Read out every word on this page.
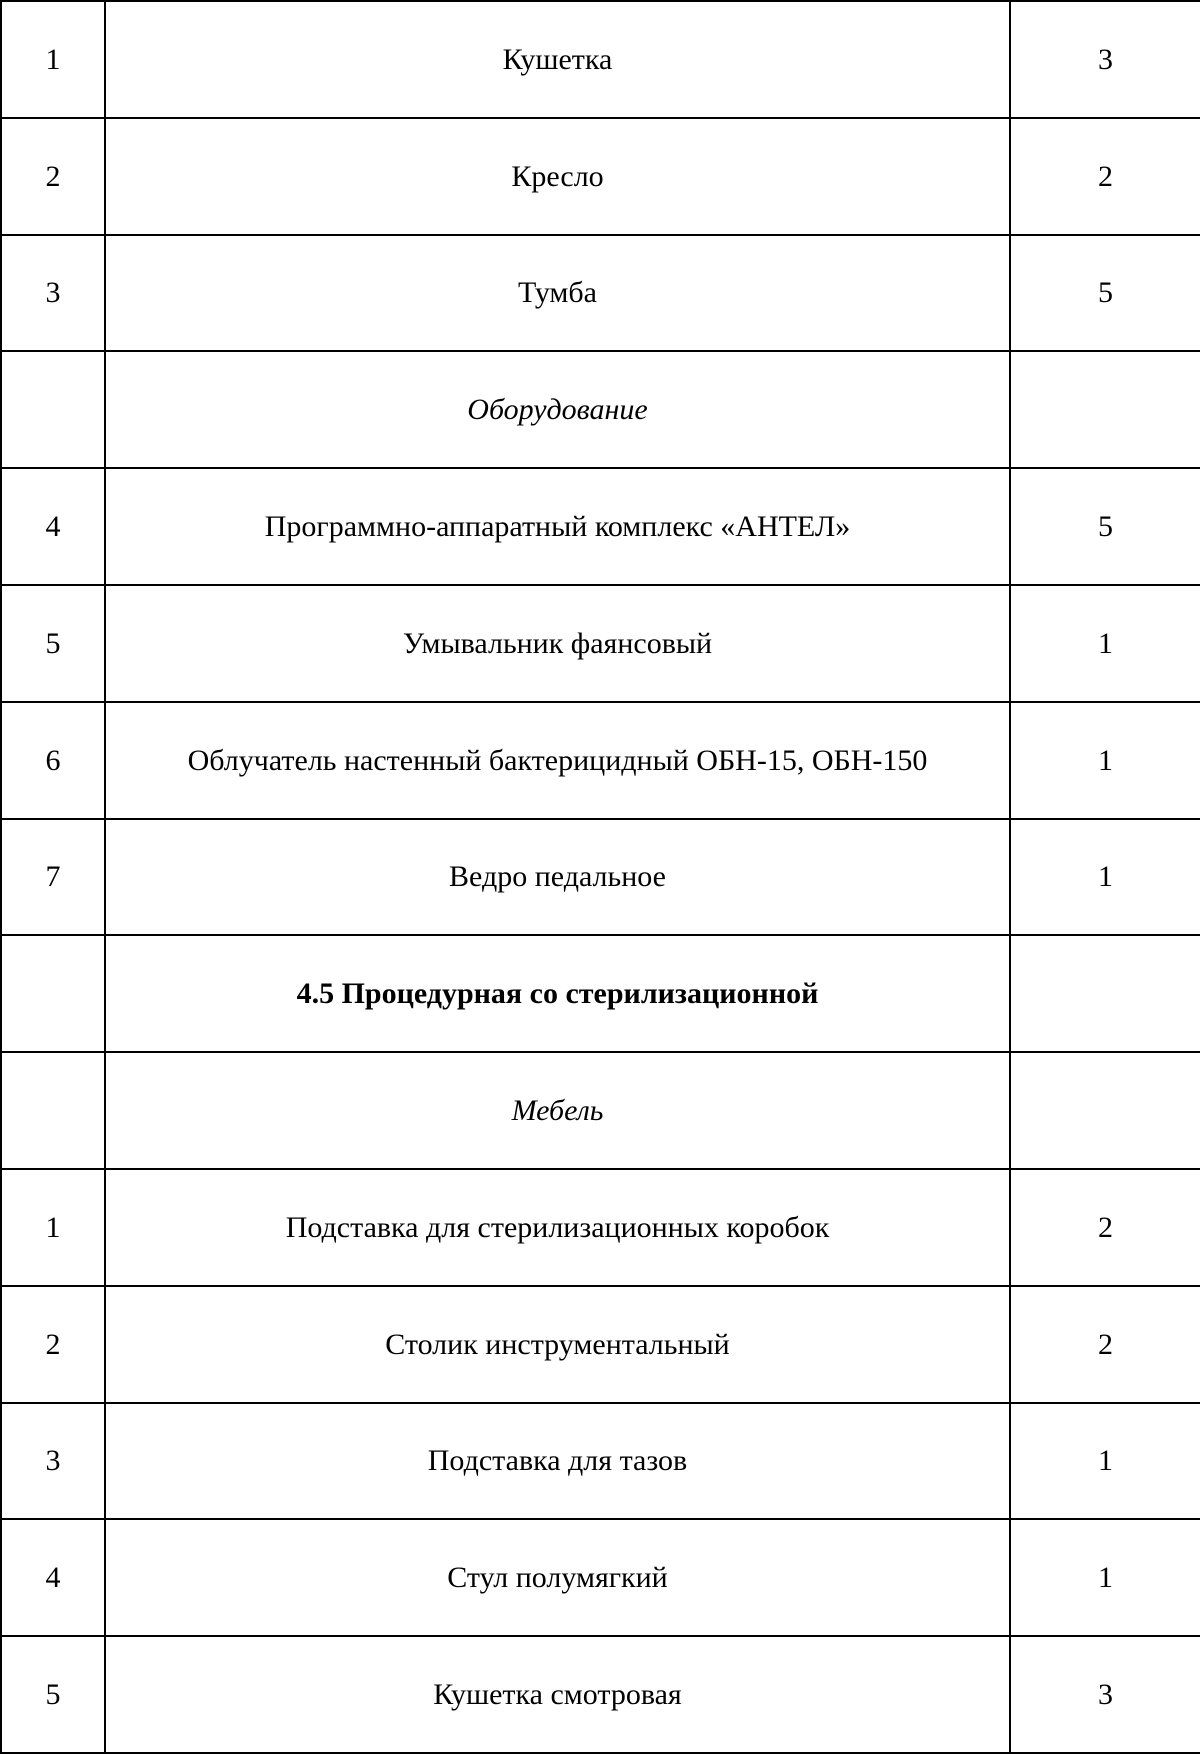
1	Кушетка	3
2	Кресло	2
3	Тумба	5
	Оборудование	
4	Программно-аппаратный комплекс «АНТЕЛ»	5
5	Умывальник фаянсовый	1
6	Облучатель настенный бактерицидный ОБН-15, ОБН-150	1
7	Ведро педальное	1
	4.5 Процедурная со стерилизационной	
	Мебель	
1	Подставка для стерилизационных коробок	2
2	Столик инструментальный	2
3	Подставка для тазов	1
4	Стул полумягкий	1
5	Кушетка смотровая	3
